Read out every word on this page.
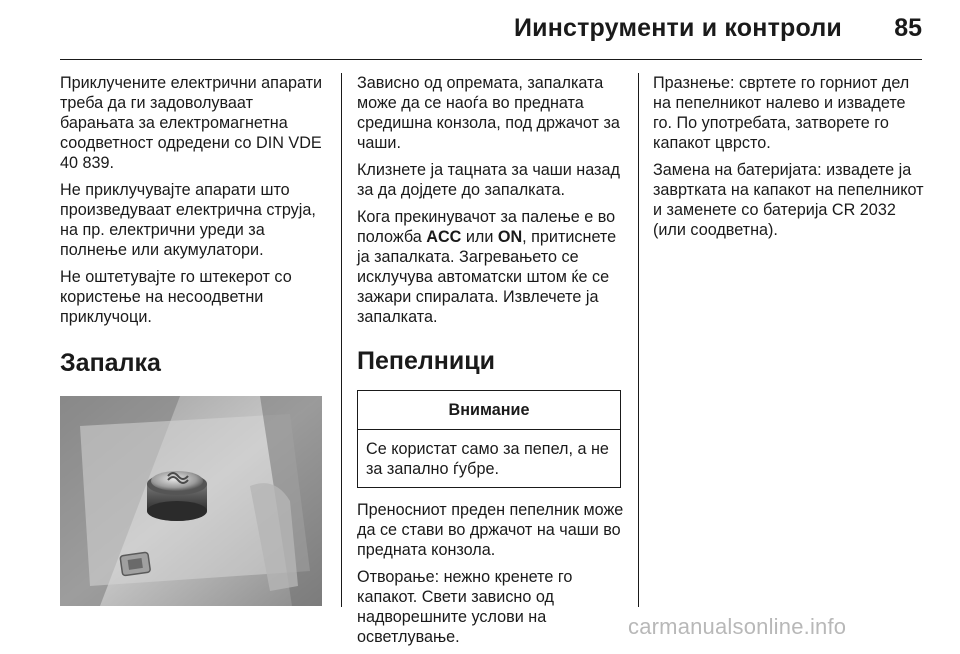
Иинструменти и контроли 85

Приклучените електрични апарати треба да ги задоволуваат барањата за електромагнетна соодветност одредени со DIN VDE 40 839.

Не приклучувајте апарати што произведуваат електрична струја, на пр. електрични уреди за полнење или акумулатори.

Не оштетувајте го штекерот со користење на несоодветни приклучоци.

Запалка

Зависно од опремата, запалката може да се наоѓа во предната средишна конзола, под држачот за чаши.

Клизнете ја тацната за чаши назад за да дојдете до запалката.

Кога прекинувачот за палење е во положба ACC или ON, притиснете ја запалката. Загревањето се исклучува автоматски штом ќе се зажари спиралата. Извлечете ја запалката.

Пепелници
Внимание
Се користат само за пепел, а не за запално ѓубре.

Преносниот преден пепелник може да се стави во држачот на чаши во предната конзола.

Отворање: нежно кренете го капакот. Свети зависно од надворешните услови на осветлување.

Празнење: свртете го горниот дел на пепелникот налево и извадете го. По употребата, затворете го капакот цврсто.

Замена на батеријата: извадете ја завртката на капакот на пепелникот и заменете со батерија CR 2032 (или соодветна).

carmanualsonline.info
